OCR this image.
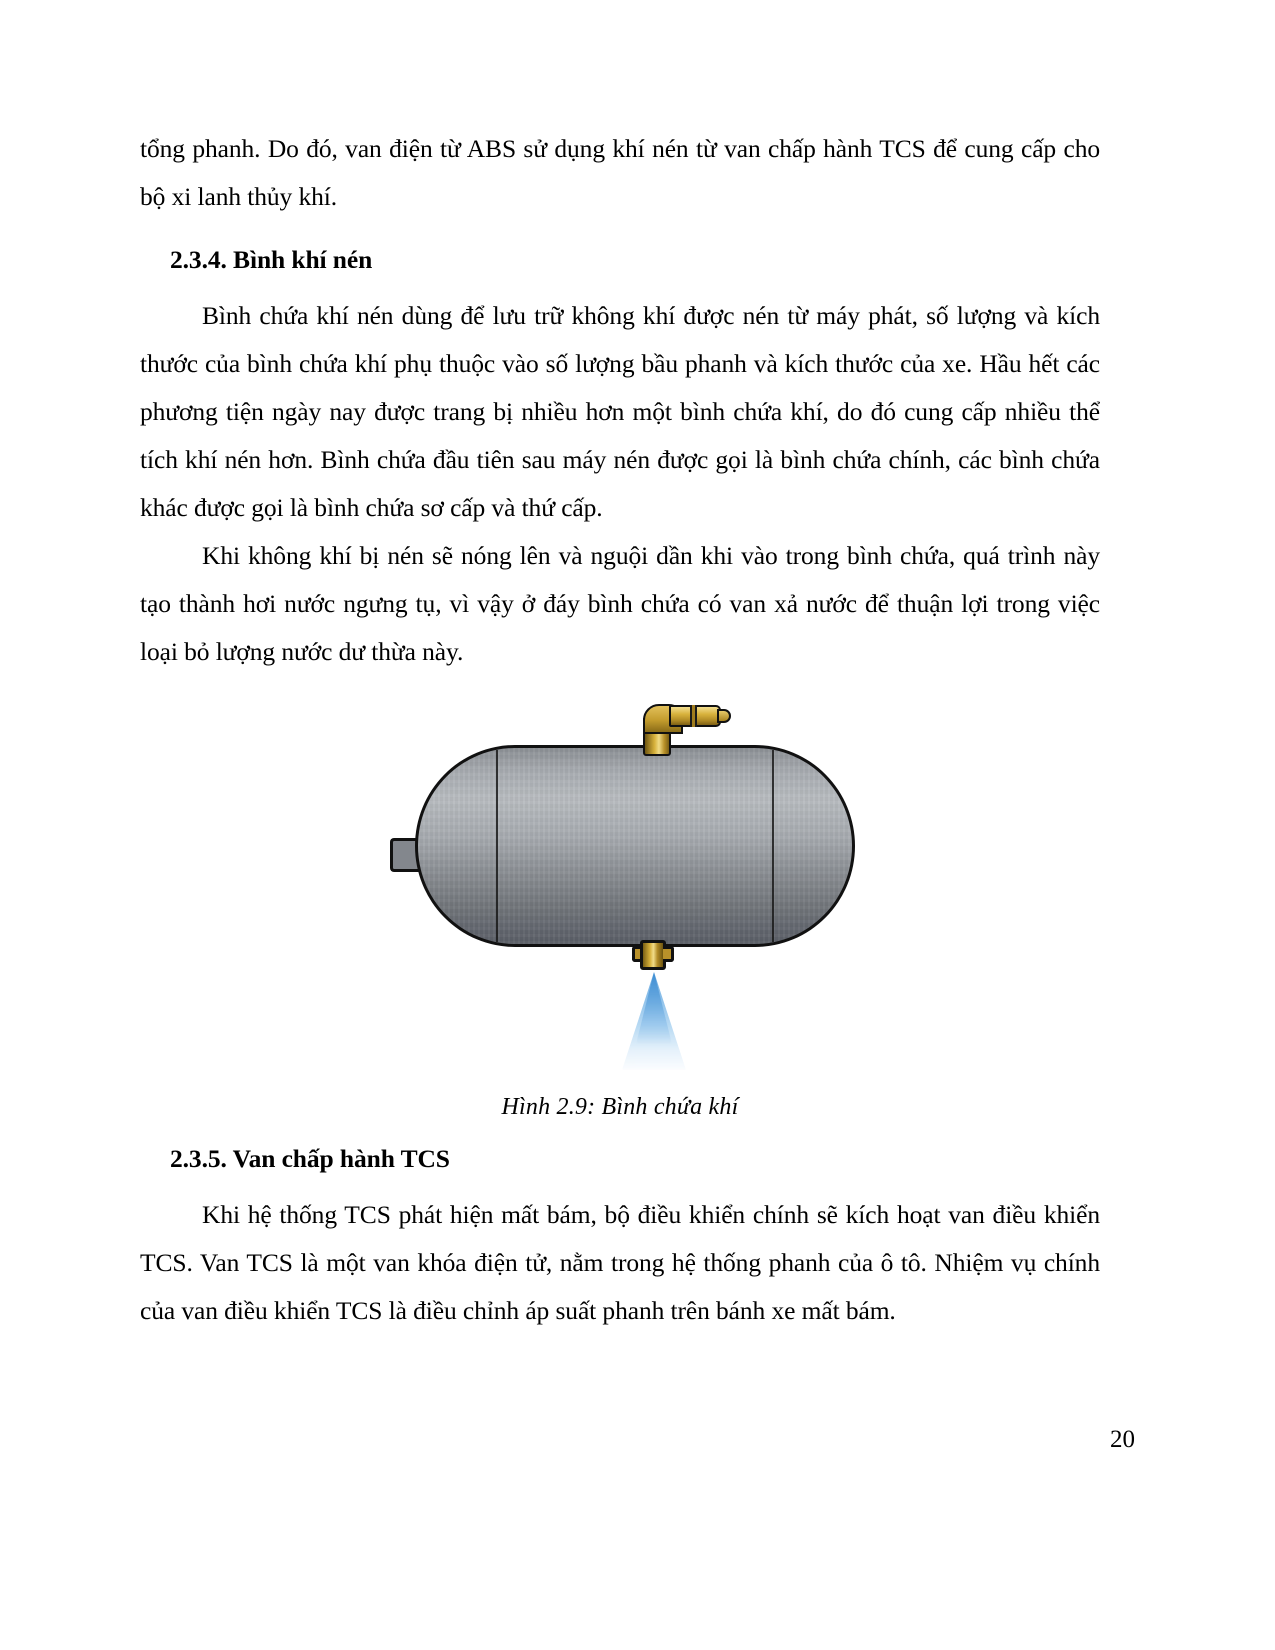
tổng phanh. Do đó, van điện từ ABS sử dụng khí nén từ van chấp hành TCS để cung cấp cho bộ xi lanh thủy khí.

2.3.4. Bình khí nén

Bình chứa khí nén dùng để lưu trữ không khí được nén từ máy phát, số lượng và kích thước của bình chứa khí phụ thuộc vào số lượng bầu phanh và kích thước của xe. Hầu hết các phương tiện ngày nay được trang bị nhiều hơn một bình chứa khí, do đó cung cấp nhiều thể tích khí nén hơn. Bình chứa đầu tiên sau máy nén được gọi là bình chứa chính, các bình chứa khác được gọi là bình chứa sơ cấp và thứ cấp.

Khi không khí bị nén sẽ nóng lên và nguội dần khi vào trong bình chứa, quá trình này tạo thành hơi nước ngưng tụ, vì vậy ở đáy bình chứa có van xả nước để thuận lợi trong việc loại bỏ lượng nước dư thừa này.

Hình 2.9: Bình chứa khí
2.3.5. Van chấp hành TCS

Khi hệ thống TCS phát hiện mất bám, bộ điều khiển chính sẽ kích hoạt van điều khiển TCS. Van TCS là một van khóa điện tử, nằm trong hệ thống phanh của ô tô. Nhiệm vụ chính của van điều khiển TCS là điều chỉnh áp suất phanh trên bánh xe mất bám.

20
